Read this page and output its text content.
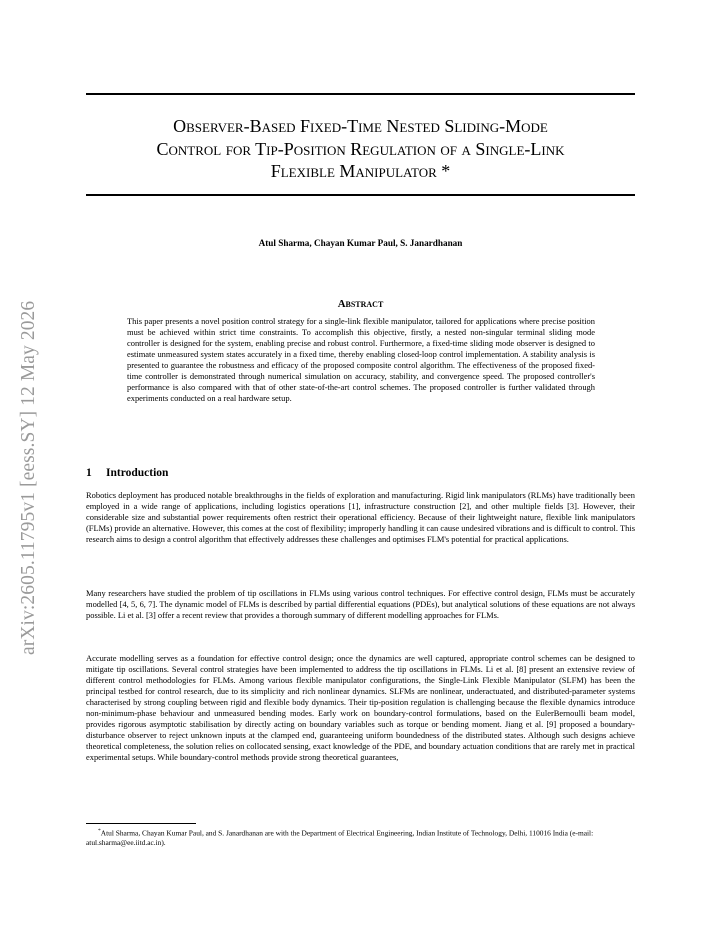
arXiv:2605.11795v1 [eess.SY] 12 May 2026
Observer-Based Fixed-Time Nested Sliding-Mode
Control for Tip-Position Regulation of a Single-Link
Flexible Manipulator *
Atul Sharma, Chayan Kumar Paul, S. Janardhanan
Abstract
This paper presents a novel position control strategy for a single-link flexible manipulator, tailored for applications where precise position must be achieved within strict time constraints. To accomplish this objective, firstly, a nested non-singular terminal sliding mode controller is designed for the system, enabling precise and robust control. Furthermore, a fixed-time sliding mode observer is designed to estimate unmeasured system states accurately in a fixed time, thereby enabling closed-loop control implementation. A stability analysis is presented to guarantee the robustness and efficacy of the proposed composite control algorithm. The effectiveness of the proposed fixed-time controller is demonstrated through numerical simulation on accuracy, stability, and convergence speed. The proposed controller's performance is also compared with that of other state-of-the-art control schemes. The proposed controller is further validated through experiments conducted on a real hardware setup.
1 Introduction

Robotics deployment has produced notable breakthroughs in the fields of exploration and manufacturing. Rigid link manipulators (RLMs) have traditionally been employed in a wide range of applications, including logistics operations [1], infrastructure construction [2], and other multiple fields [3]. However, their considerable size and substantial power requirements often restrict their operational efficiency. Because of their lightweight nature, flexible link manipulators (FLMs) provide an alternative. However, this comes at the cost of flexibility; improperly handling it can cause undesired vibrations and is difficult to control. This research aims to design a control algorithm that effectively addresses these challenges and optimises FLM's potential for practical applications.

Many researchers have studied the problem of tip oscillations in FLMs using various control techniques. For effective control design, FLMs must be accurately modelled [4, 5, 6, 7]. The dynamic model of FLMs is described by partial differential equations (PDEs), but analytical solutions of these equations are not always possible. Li et al. [3] offer a recent review that provides a thorough summary of different modelling approaches for FLMs.

Accurate modelling serves as a foundation for effective control design; once the dynamics are well captured, appropriate control schemes can be designed to mitigate tip oscillations. Several control strategies have been implemented to address the tip oscillations in FLMs. Li et al. [8] present an extensive review of different control methodologies for FLMs. Among various flexible manipulator configurations, the Single-Link Flexible Manipulator (SLFM) has been the principal testbed for control research, due to its simplicity and rich nonlinear dynamics. SLFMs are nonlinear, underactuated, and distributed-parameter systems characterised by strong coupling between rigid and flexible body dynamics. Their tip-position regulation is challenging because the flexible dynamics introduce non-minimum-phase behaviour and unmeasured bending modes. Early work on boundary-control formulations, based on the EulerBernoulli beam model, provides rigorous asymptotic stabilisation by directly acting on boundary variables such as torque or bending moment. Jiang et al. [9] proposed a boundary-disturbance observer to reject unknown inputs at the clamped end, guaranteeing uniform boundedness of the distributed states. Although such designs achieve theoretical completeness, the solution relies on collocated sensing, exact knowledge of the PDE, and boundary actuation conditions that are rarely met in practical experimental setups. While boundary-control methods provide strong theoretical guarantees,

*Atul Sharma, Chayan Kumar Paul, and S. Janardhanan are with the Department of Electrical Engineering, Indian Institute of Technology, Delhi, 110016 India (e-mail: atul.sharma@ee.iitd.ac.in).
